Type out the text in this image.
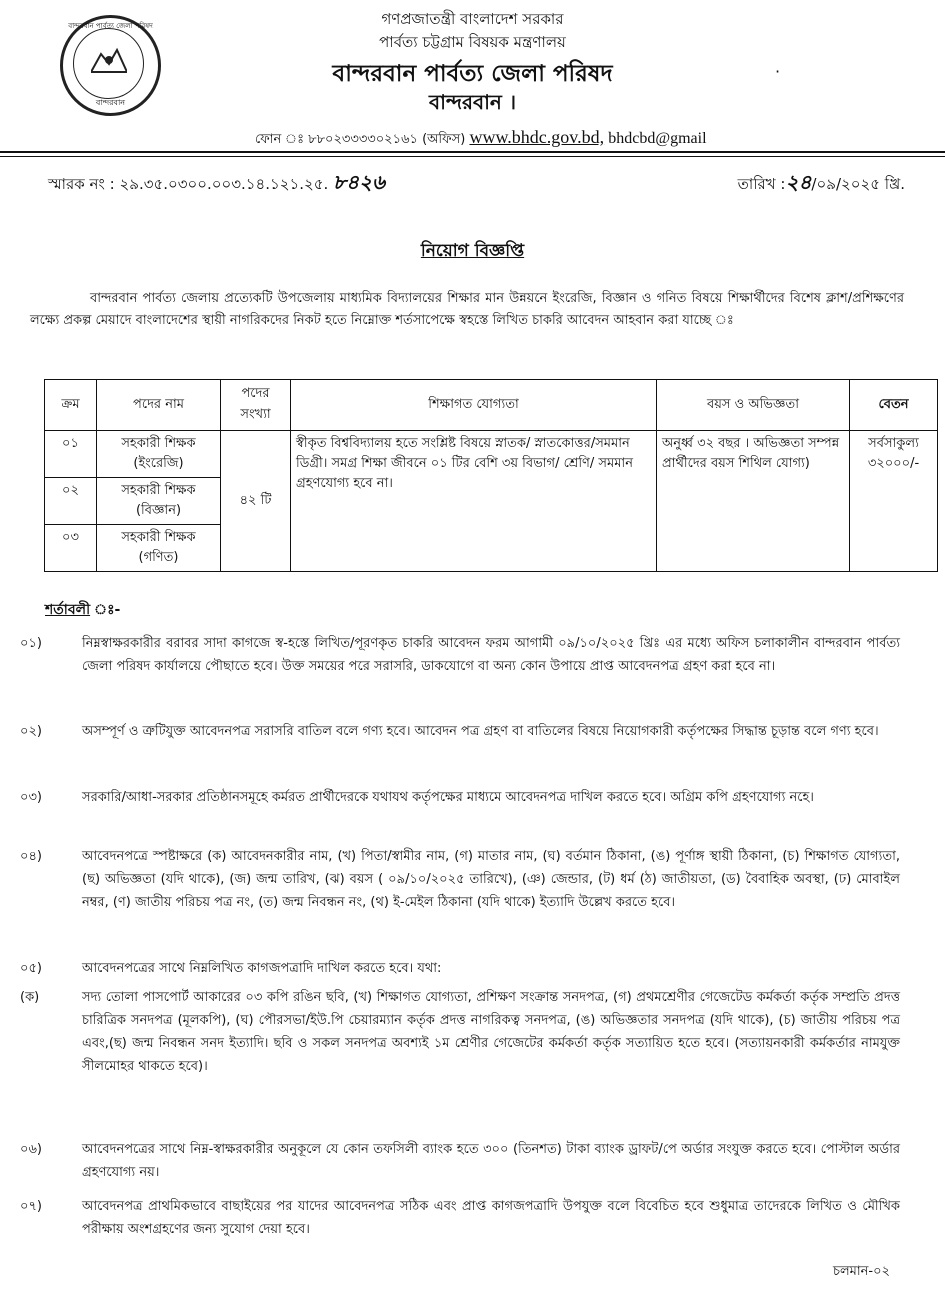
বান্দরবান পার্বত্য জেলা পরিষদ
বান্দরবান
গণপ্রজাতন্ত্রী বাংলাদেশ সরকার
পার্বত্য চট্টগ্রাম বিষয়ক মন্ত্রণালয়
বান্দরবান পার্বত্য জেলা পরিষদ
বান্দরবান ।
·
ফোন ঃ ৮৮০২৩৩৩৩০২১৬১ (অফিস) www.bhdc.gov.bd, bhdcbd@gmail
স্মারক নং : ২৯.৩৫.০৩০০.০০৩.১৪.১২১.২৫. ৮৪২৬	তারিখ :২৪/০৯/২০২৫ খ্রি.
নিয়োগ বিজ্ঞপ্তি
বান্দরবান পার্বত্য জেলায় প্রত্যেকটি উপজেলায় মাধ্যমিক বিদ্যালয়ের শিক্ষার মান উন্নয়নে ইংরেজি, বিজ্ঞান ও গনিত বিষয়ে শিক্ষার্থীদের বিশেষ ক্লাশ/প্রশিক্ষণের লক্ষ্যে প্রকল্প মেয়াদে বাংলাদেশের স্থায়ী নাগরিকদের নিকট হতে নিম্নোক্ত শর্তসাপেক্ষে স্বহস্তে লিখিত চাকরি আবেদন আহবান করা যাচ্ছে ঃ
ক্রম	পদের নাম	পদের সংখ্যা	শিক্ষাগত যোগ্যতা	বয়স ও অভিজ্ঞতা	বেতন
০১	সহকারী শিক্ষক (ইংরেজি)	৪২ টি	স্বীকৃত বিশ্ববিদ্যালয় হতে সংশ্লিষ্ট বিষয়ে স্নাতক/ স্নাতকোত্তর/সমমান ডিগ্রী। সমগ্র শিক্ষা জীবনে ০১ টির বেশি ৩য় বিভাগ/ শ্রেণি/ সমমান গ্রহণযোগ্য হবে না।	অনুর্ধ্ব ৩২ বছর । অভিজ্ঞতা সম্পন্ন প্রার্থীদের বয়স শিথিল যোগ্য)	সর্বসাকুল্য ৩২০০০/-
০২	সহকারী শিক্ষক (বিজ্ঞান)				
০৩	সহকারী শিক্ষক (গণিত)				
শর্তাবলী ঃ-
০১)	নিম্নস্বাক্ষরকারীর বরাবর সাদা কাগজে স্ব-হস্তে লিখিত/পূরণকৃত চাকরি আবেদন ফরম আগামী ০৯/১০/২০২৫ খ্রিঃ এর মধ্যে অফিস চলাকালীন বান্দরবান পার্বত্য জেলা পরিষদ কার্যালয়ে পৌছাতে হবে। উক্ত সময়ের পরে সরাসরি, ডাকযোগে বা অন্য কোন উপায়ে প্রাপ্ত আবেদনপত্র গ্রহণ করা হবে না।
০২)	অসম্পূর্ণ ও ত্রুটিযুক্ত আবেদনপত্র সরাসরি বাতিল বলে গণ্য হবে। আবেদন পত্র গ্রহণ বা বাতিলের বিষয়ে নিয়োগকারী কর্তৃপক্ষের সিদ্ধান্ত চূড়ান্ত বলে গণ্য হবে।
০৩)	সরকারি/আধা-সরকার প্রতিষ্ঠানসমূহে কর্মরত প্রার্থীদেরকে যথাযথ কর্তৃপক্ষের মাধ্যমে আবেদনপত্র দাখিল করতে হবে। অগ্রিম কপি গ্রহণযোগ্য নহে।
০৪)	আবেদনপত্রে স্পষ্টাক্ষরে (ক) আবেদনকারীর নাম, (খ) পিতা/স্বামীর নাম, (গ) মাতার নাম, (ঘ) বর্তমান ঠিকানা, (ঙ) পূর্ণাঙ্গ স্থায়ী ঠিকানা, (চ) শিক্ষাগত যোগ্যতা, (ছ) অভিজ্ঞতা (যদি থাকে), (জ) জন্ম তারিখ, (ঝ) বয়স ( ০৯/১০/২০২৫ তারিখে), (ঞ) জেন্ডার, (ট) ধর্ম (ঠ) জাতীয়তা, (ড) বৈবাহিক অবস্থা, (ঢ) মোবাইল নম্বর, (ণ) জাতীয় পরিচয় পত্র নং, (ত) জন্ম নিবন্ধন নং, (থ) ই-মেইল ঠিকানা (যদি থাকে) ইত্যাদি উল্লেখ করতে হবে।
০৫)	আবেদনপত্রের সাথে নিম্নলিখিত কাগজপত্রাদি দাখিল করতে হবে। যথা:
(ক)	সদ্য তোলা পাসপোর্ট আকারের ০৩ কপি রঙিন ছবি, (খ) শিক্ষাগত যোগ্যতা, প্রশিক্ষণ সংক্রান্ত সনদপত্র, (গ) প্রথমশ্রেণীর গেজেটেড কর্মকর্তা কর্তৃক সম্প্রতি প্রদত্ত চারিত্রিক সনদপত্র (মূলকপি), (ঘ) পৌরসভা/ইউ.পি চেয়ারম্যান কর্তৃক প্রদত্ত নাগরিকত্ব সনদপত্র, (ঙ) অভিজ্ঞতার সনদপত্র (যদি থাকে), (চ) জাতীয় পরিচয় পত্র এবং,(ছ) জন্ম নিবন্ধন সনদ ইত্যাদি। ছবি ও সকল সনদপত্র অবশ্যই ১ম শ্রেণীর গেজেটের কর্মকর্তা কর্তৃক সত্যায়িত হতে হবে। (সত্যায়নকারী কর্মকর্তার নামযুক্ত সীলমোহর থাকতে হবে)।
০৬)	আবেদনপত্রের সাথে নিম্ন-স্বাক্ষরকারীর অনুকূলে যে কোন তফসিলী ব্যাংক হতে ৩০০ (তিনশত) টাকা ব্যাংক ড্রাফট/পে অর্ডার সংযুক্ত করতে হবে। পোস্টাল অর্ডার গ্রহণযোগ্য নয়।
০৭)	আবেদনপত্র প্রাথমিকভাবে বাছাইয়ের পর যাদের আবেদনপত্র সঠিক এবং প্রাপ্ত কাগজপত্রাদি উপযুক্ত বলে বিবেচিত হবে শুধুমাত্র তাদেরকে লিখিত ও মৌখিক পরীক্ষায় অংশগ্রহণের জন্য সুযোগ দেয়া হবে।
চলমান-০২
